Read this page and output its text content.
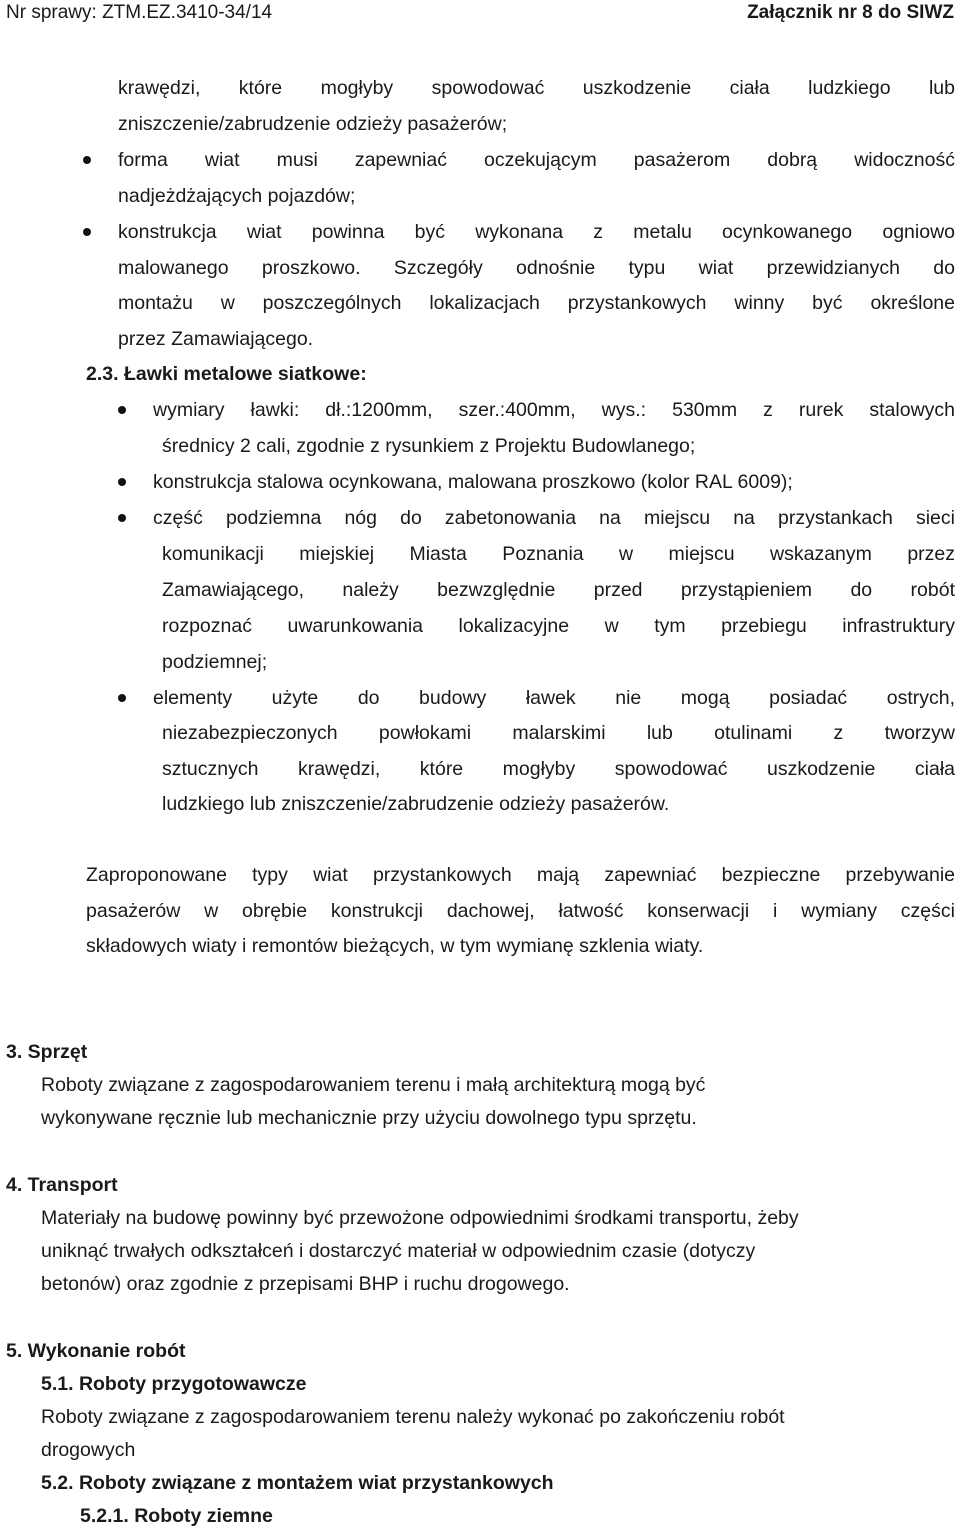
Nr sprawy: ZTM.EZ.3410-34/14	Załącznik nr 8 do SIWZ
krawędzi, które mogłyby spowodować uszkodzenie ciała ludzkiego lub
zniszczenie/zabrudzenie odzieży pasażerów;
forma wiat musi zapewniać oczekującym pasażerom dobrą widoczność
nadjeżdżających pojazdów;
konstrukcja wiat powinna być wykonana z metalu ocynkowanego ogniowo
malowanego proszkowo. Szczegóły odnośnie typu wiat przewidzianych do
montażu w poszczególnych lokalizacjach przystankowych winny być określone
przez Zamawiającego.
2.3. Ławki metalowe siatkowe:
wymiary ławki: dł.:1200mm, szer.:400mm, wys.: 530mm z rurek stalowych
średnicy 2 cali, zgodnie z rysunkiem z Projektu Budowlanego;
konstrukcja stalowa ocynkowana, malowana proszkowo (kolor RAL 6009);
część podziemna nóg do zabetonowania na miejscu na przystankach sieci
komunikacji miejskiej Miasta Poznania w miejscu wskazanym przez
Zamawiającego, należy bezwzględnie przed przystąpieniem do robót
rozpoznać uwarunkowania lokalizacyjne w tym przebiegu infrastruktury
podziemnej;
elementy użyte do budowy ławek nie mogą posiadać ostrych,
niezabezpieczonych powłokami malarskimi lub otulinami z tworzyw
sztucznych krawędzi, które mogłyby spowodować uszkodzenie ciała
ludzkiego lub zniszczenie/zabrudzenie odzieży pasażerów.
Zaproponowane typy wiat przystankowych mają zapewniać bezpieczne przebywanie
pasażerów w obrębie konstrukcji dachowej, łatwość konserwacji i wymiany części
składowych wiaty i remontów bieżących, w tym wymianę szklenia wiaty.
3. Sprzęt
Roboty związane z zagospodarowaniem terenu i małą architekturą mogą być
wykonywane ręcznie lub mechanicznie przy użyciu dowolnego typu sprzętu.
4. Transport
Materiały na budowę powinny być przewożone odpowiednimi środkami transportu, żeby
uniknąć trwałych odkształceń i dostarczyć materiał w odpowiednim czasie (dotyczy
betonów) oraz zgodnie z przepisami BHP i ruchu drogowego.
5. Wykonanie robót
5.1. Roboty przygotowawcze
Roboty związane z zagospodarowaniem terenu należy wykonać po zakończeniu robót
drogowych
5.2. Roboty związane z montażem wiat przystankowych
5.2.1. Roboty ziemne
